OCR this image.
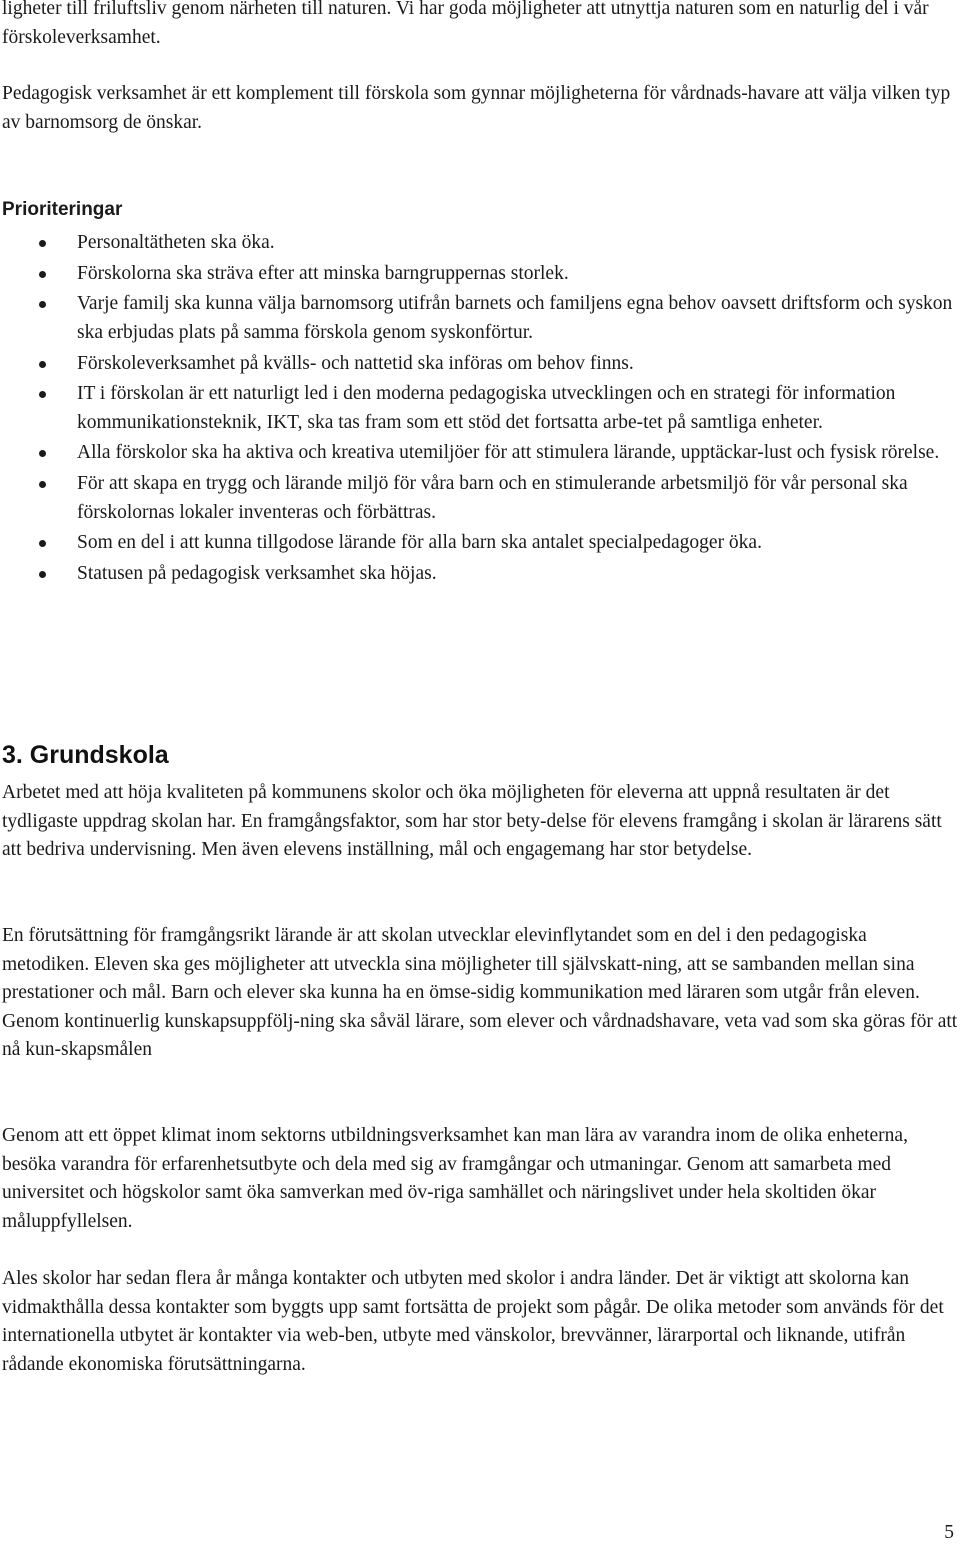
ligheter till friluftsliv genom närheten till naturen. Vi har goda möjligheter att utnyttja naturen som en naturlig del i vår förskoleverksamhet.

Pedagogisk verksamhet är ett komplement till förskola som gynnar möjligheterna för vårdnads-havare att välja vilken typ av barnomsorg de önskar.

Prioriteringar
Personaltätheten ska öka.
Förskolorna ska sträva efter att minska barngruppernas storlek.
Varje familj ska kunna välja barnomsorg utifrån barnets och familjens egna behov oavsett driftsform och syskon ska erbjudas plats på samma förskola genom syskonförtur.
Förskoleverksamhet på kvälls- och nattetid ska införas om behov finns.
IT i förskolan är ett naturligt led i den moderna pedagogiska utvecklingen och en strategi för information kommunikationsteknik, IKT, ska tas fram som ett stöd det fortsatta arbe-tet på samtliga enheter.
Alla förskolor ska ha aktiva och kreativa utemiljöer för att stimulera lärande, upptäckar-lust och fysisk rörelse.
För att skapa en trygg och lärande miljö för våra barn och en stimulerande arbetsmiljö för vår personal ska förskolornas lokaler inventeras och förbättras.
Som en del i att kunna tillgodose lärande för alla barn ska antalet specialpedagoger öka.
Statusen på pedagogisk verksamhet ska höjas.
3. Grundskola

Arbetet med att höja kvaliteten på kommunens skolor och öka möjligheten för eleverna att uppnå resultaten är det tydligaste uppdrag skolan har. En framgångsfaktor, som har stor bety-delse för elevens framgång i skolan är lärarens sätt att bedriva undervisning. Men även elevens inställning, mål och engagemang har stor betydelse.

En förutsättning för framgångsrikt lärande är att skolan utvecklar elevinflytandet som en del i den pedagogiska metodiken. Eleven ska ges möjligheter att utveckla sina möjligheter till självskatt-ning, att se sambanden mellan sina prestationer och mål. Barn och elever ska kunna ha en ömse-sidig kommunikation med läraren som utgår från eleven. Genom kontinuerlig kunskapsuppfölj-ning ska såväl lärare, som elever och vårdnadshavare, veta vad som ska göras för att nå kun-skapsmålen

Genom att ett öppet klimat inom sektorns utbildningsverksamhet kan man lära av varandra inom de olika enheterna, besöka varandra för erfarenhetsutbyte och dela med sig av framgångar och utmaningar. Genom att samarbeta med universitet och högskolor samt öka samverkan med öv-riga samhället och näringslivet under hela skoltiden ökar måluppfyllelsen.

Ales skolor har sedan flera år många kontakter och utbyten med skolor i andra länder. Det är viktigt att skolorna kan vidmakthålla dessa kontakter som byggts upp samt fortsätta de projekt som pågår. De olika metoder som används för det internationella utbytet är kontakter via web-ben, utbyte med vänskolor, brevvänner, lärarportal och liknande, utifrån rådande ekonomiska förutsättningarna.

5
